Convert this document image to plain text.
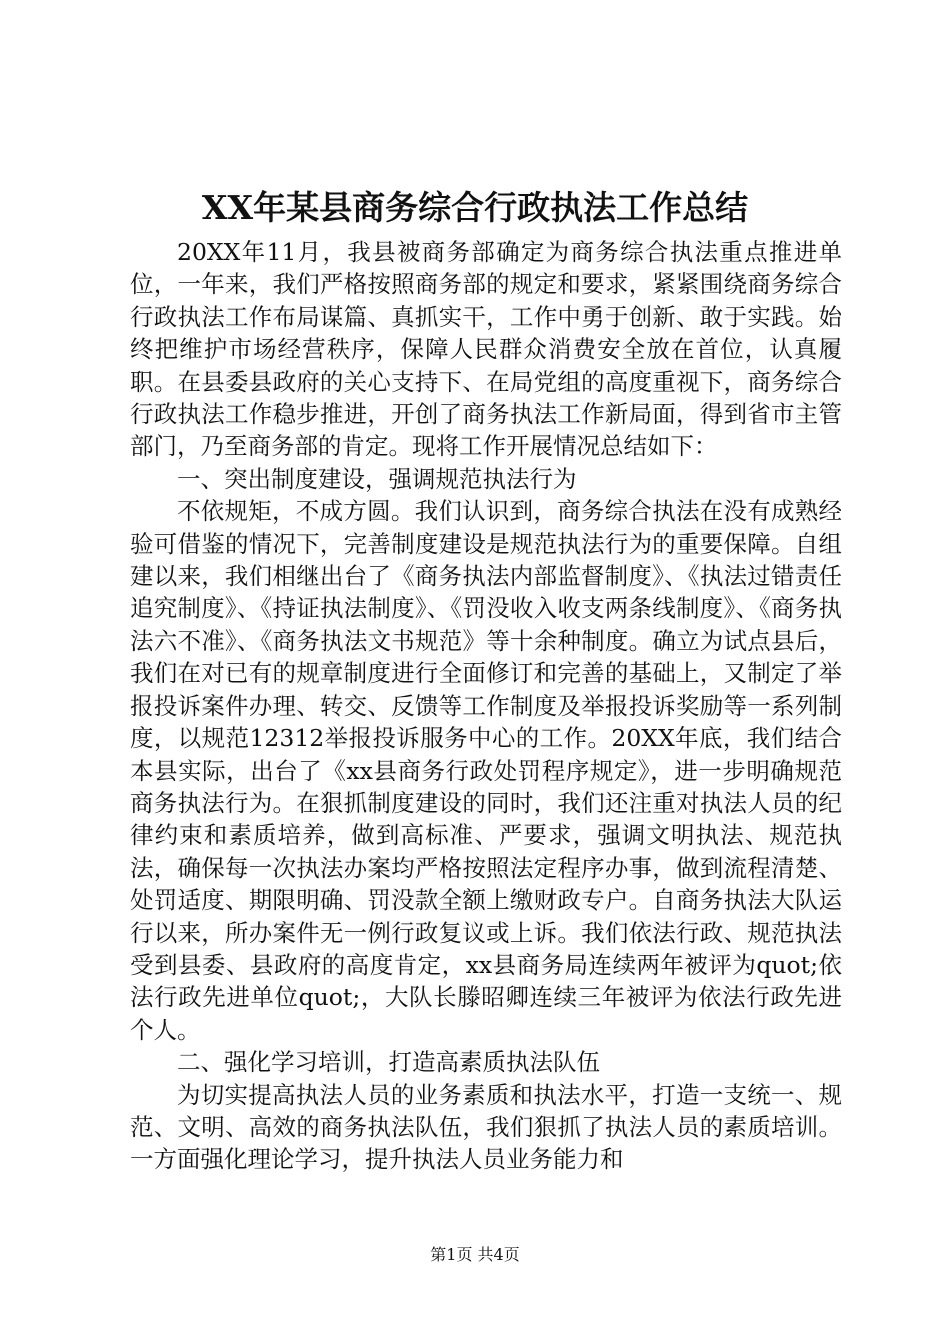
XX年某县商务综合行政执法工作总结

20XX年11月，我县被商务部确定为商务综合执法重点推进单位，一年来，我们严格按照商务部的规定和要求，紧紧围绕商务综合行政执法工作布局谋篇、真抓实干，工作中勇于创新、敢于实践。始终把维护市场经营秩序，保障人民群众消费安全放在首位，认真履职。在县委县政府的关心支持下、在局党组的高度重视下，商务综合行政执法工作稳步推进，开创了商务执法工作新局面，得到省市主管部门，乃至商务部的肯定。现将工作开展情况总结如下：

一、突出制度建设，强调规范执法行为

不依规矩，不成方圆。我们认识到，商务综合执法在没有成熟经验可借鉴的情况下，完善制度建设是规范执法行为的重要保障。自组建以来，我们相继出台了《商务执法内部监督制度》、《执法过错责任追究制度》、《持证执法制度》、《罚没收入收支两条线制度》、《商务执法六不准》、《商务执法文书规范》等十余种制度。确立为试点县后，我们在对已有的规章制度进行全面修订和完善的基础上，又制定了举报投诉案件办理、转交、反馈等工作制度及举报投诉奖励等一系列制度，以规范12312举报投诉服务中心的工作。20XX年底，我们结合本县实际，出台了《xx县商务行政处罚程序规定》，进一步明确规范商务执法行为。在狠抓制度建设的同时，我们还注重对执法人员的纪律约束和素质培养，做到高标准、严要求，强调文明执法、规范执法，确保每一次执法办案均严格按照法定程序办事，做到流程清楚、处罚适度、期限明确、罚没款全额上缴财政专户。自商务执法大队运行以来，所办案件无一例行政复议或上诉。我们依法行政、规范执法受到县委、县政府的高度肯定，xx县商务局连续两年被评为quot;依法行政先进单位quot;，大队长滕昭卿连续三年被评为依法行政先进个人。

二、强化学习培训，打造高素质执法队伍

为切实提高执法人员的业务素质和执法水平，打造一支统一、规范、文明、高效的商务执法队伍，我们狠抓了执法人员的素质培训。一方面强化理论学习，提升执法人员业务能力和

第1页 共4页
